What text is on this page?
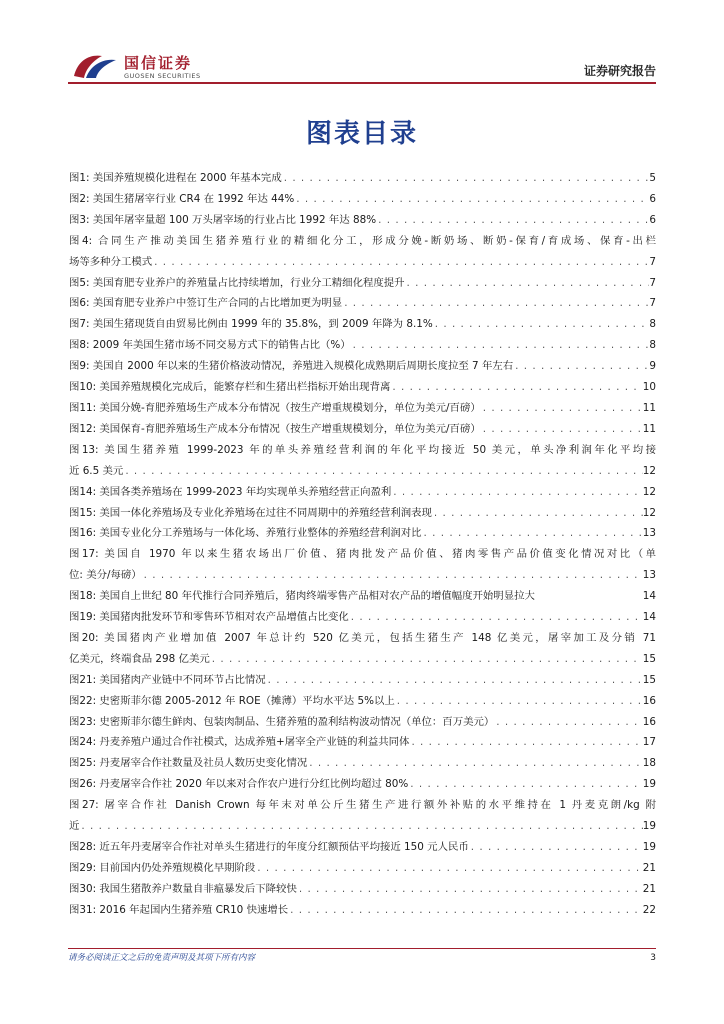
国信证券
GUOSEN SECURITIES	证券研究报告
图表目录
图1: 美国养殖规模化进程在 2000 年基本完成 . . .	5
图2: 美国生猪屠宰行业 CR4 在 1992 年达 44% . . .	6
图3: 美国年屠宰量超 100 万头屠宰场的行业占比 1992 年达 88% . . .	6
图4: 合同生产推动美国生猪养殖行业的精细化分工，形成分娩-断奶场、断奶-保育/育成场、保育-出栏
场等多种分工模式 . . .	7
图5: 美国育肥专业养户的养殖量占比持续增加，行业分工精细化程度提升 . . .	7
图6: 美国育肥专业养户中签订生产合同的占比增加更为明显 . . .	7
图7: 美国生猪现货自由贸易比例由 1999 年的 35.8%，到 2009 年降为 8.1% . . .	8
图8: 2009 年美国生猪市场不同交易方式下的销售占比（%） . . .	8
图9: 美国自 2000 年以来的生猪价格波动情况，养殖进入规模化成熟期后周期长度拉至 7 年左右 . . .	9
图10: 美国养殖规模化完成后，能繁存栏和生猪出栏指标开始出现背离 . . .	10
图11: 美国分娩-育肥养殖场生产成本分布情况（按生产增重规模划分，单位为美元/百磅） . . .	11
图12: 美国保育-育肥养殖场生产成本分布情况（按生产增重规模划分，单位为美元/百磅） . . .	11
图13: 美国生猪养殖 1999-2023 年的单头养殖经营利润的年化平均接近 50 美元，单头净利润年化平均接
近 6.5 美元 . . .	12
图14: 美国各类养殖场在 1999-2023 年均实现单头养殖经营正向盈利 . . .	12
图15: 美国一体化养殖场及专业化养殖场在过往不同周期中的养殖经营利润表现 . . .	12
图16: 美国专业化分工养殖场与一体化场、养殖行业整体的养殖经营利润对比 . . .	13
图17: 美国自 1970 年以来生猪农场出厂价值、猪肉批发产品价值、猪肉零售产品价值变化情况对比（单
位: 美分/每磅） . . .	13
图18: 美国自上世纪 80 年代推行合同养殖后，猪肉终端零售产品相对农产品的增值幅度开始明显拉大	14
图19: 美国猪肉批发环节和零售环节相对农产品增值占比变化 . . .	14
图20: 美国猪肉产业增加值 2007 年总计约 520 亿美元，包括生猪生产 148 亿美元，屠宰加工及分销 71
亿美元，终端食品 298 亿美元 . . .	15
图21: 美国猪肉产业链中不同环节占比情况 . . .	15
图22: 史密斯菲尔德 2005-2012 年 ROE（摊薄）平均水平达 5%以上 . . .	16
图23: 史密斯菲尔德生鲜肉、包装肉制品、生猪养殖的盈利结构波动情况（单位：百万美元） . . .	16
图24: 丹麦养殖户通过合作社模式，达成养殖+屠宰全产业链的利益共同体 . . .	17
图25: 丹麦屠宰合作社数量及社员人数历史变化情况 . . .	18
图26: 丹麦屠宰合作社 2020 年以来对合作农户进行分红比例均超过 80% . . .	19
图27: 屠宰合作社 Danish Crown 每年末对单公斤生猪生产进行额外补贴的水平维持在 1 丹麦克朗/kg 附
近 . . .	19
图28: 近五年丹麦屠宰合作社对单头生猪进行的年度分红额预估平均接近 150 元人民币 . . .	19
图29: 目前国内仍处养殖规模化早期阶段 . . .	21
图30: 我国生猪散养户数量自非瘟暴发后下降较快 . . .	21
图31: 2016 年起国内生猪养殖 CR10 快速增长 . . .	22
请务必阅读正文之后的免责声明及其项下所有内容	3
